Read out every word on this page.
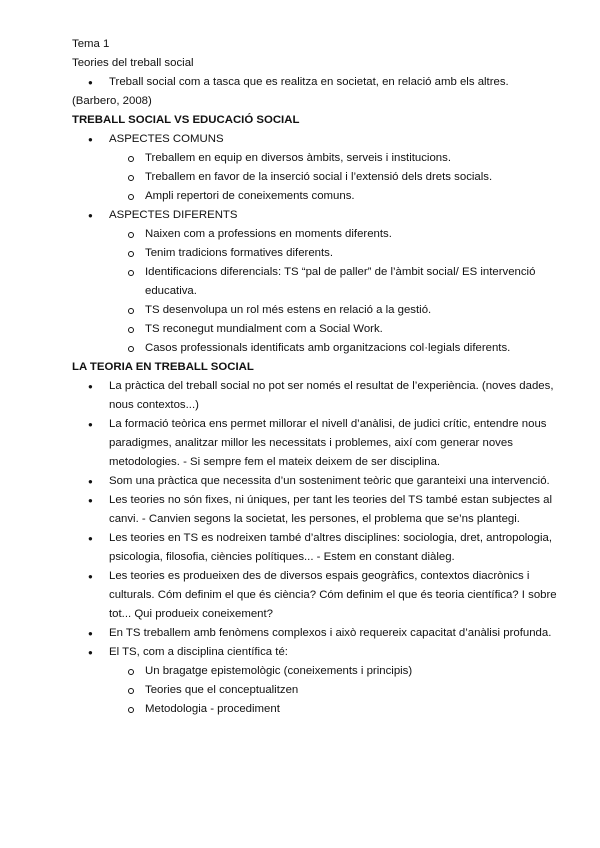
Tema 1

Teories del treball social

● Treball social com a tasca que es realitza en societat, en relació amb els altres.

(Barbero, 2008)

TREBALL SOCIAL VS EDUCACIÓ SOCIAL

● ASPECTES COMUNS
Treballem en equip en diversos àmbits, serveis i institucions.
Treballem en favor de la inserció social i l’extensió dels drets socials.
Ampli repertori de coneixements comuns.
● ASPECTES DIFERENTS
Naixen com a professions en moments diferents.
Tenim tradicions formatives diferents.
Identificacions diferencials: TS “pal de paller” de l’àmbit social/ ES intervenció educativa.
TS desenvolupa un rol més estens en relació a la gestió.
TS reconegut mundialment com a Social Work.
Casos professionals identificats amb organitzacions col·legials diferents.

LA TEORIA EN TREBALL SOCIAL

● La pràctica del treball social no pot ser només el resultat de l’experiència. (noves dades, nous contextos...)
● La formació teòrica ens permet millorar el nivell d’anàlisi, de judici crític, entendre nous paradigmes, analitzar millor les necessitats i problemes, així com generar noves metodologies. - Si sempre fem el mateix deixem de ser disciplina.
● Som una pràctica que necessita d’un sosteniment teòric que garanteixi una intervenció.
● Les teories no són fixes, ni úniques, per tant les teories del TS també estan subjectes al canvi. - Canvien segons la societat, les persones, el problema que se’ns plantegi.
● Les teories en TS es nodreixen també d’altres disciplines: sociologia, dret, antropologia, psicologia, filosofia, ciències polítiques... - Estem en constant diàleg.
● Les teories es produeixen des de diversos espais geogràfics, contextos diacrònics i culturals. Cóm definim el que és ciència? Cóm definim el que és teoria científica? I sobre tot... Qui produeix coneixement?
● En TS treballem amb fenòmens complexos i això requereix capacitat d’anàlisi profunda.
● El TS, com a disciplina científica té:
Un bragatge epistemològic (coneixements i principis)
Teories que el conceptualitzen
Metodologia - procediment
